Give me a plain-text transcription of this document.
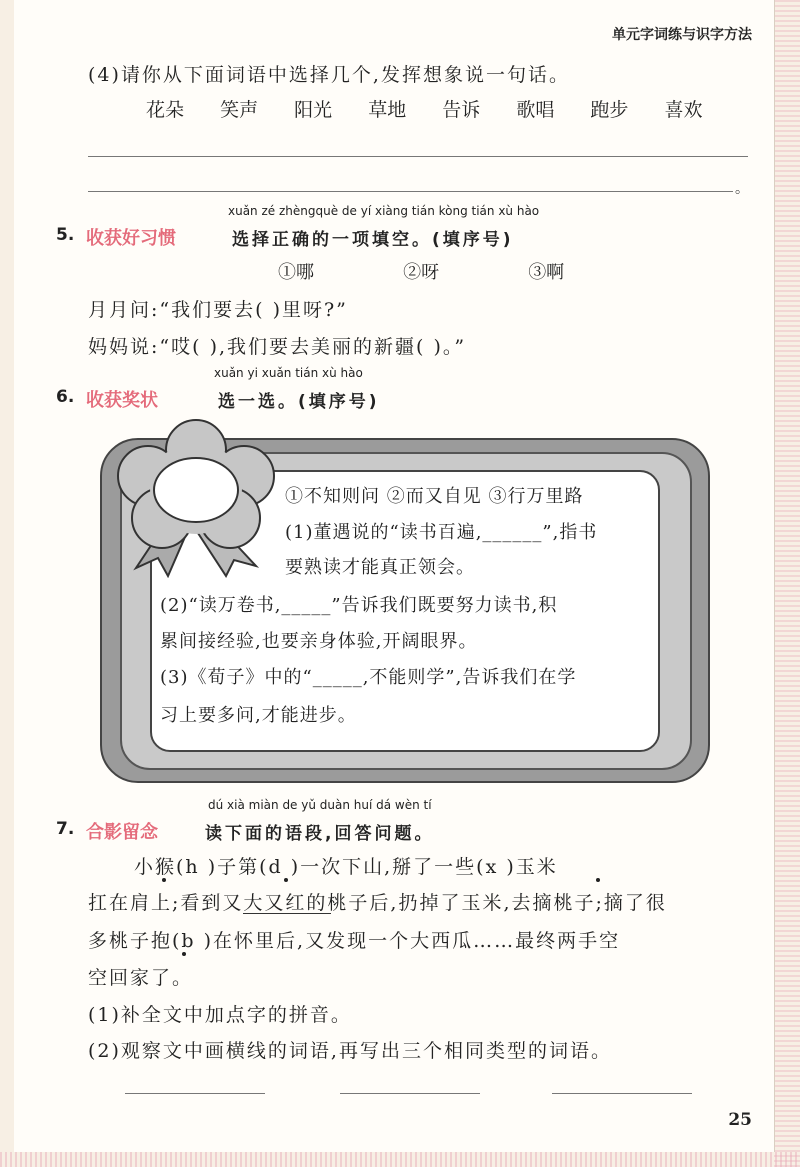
单元字词练与识字方法
(4)请你从下面词语中选择几个,发挥想象说一句话。
花朵 笑声 阳光 草地 告诉 歌唱 跑步 喜欢
。
xuǎn zé zhèngquè de yí xiàng tián kòng tián xù hào
5. 收获好习惯	选择正确的一项填空。(填序号)
①哪	②呀	③啊
月月问:“我们要去( )里呀?”
妈妈说:“哎( ),我们要去美丽的新疆( )。”
xuǎn yi xuǎn tián xù hào
6. 收获奖状	选一选。(填序号)
①不知则问 ②而又自见 ③行万里路
(1)董遇说的“读书百遍,______”,指书
要熟读才能真正领会。
(2)“读万卷书,_____”告诉我们既要努力读书,积
累间接经验,也要亲身体验,开阔眼界。
(3)《荀子》中的“_____,不能则学”,告诉我们在学
习上要多问,才能进步。
dú xià miàn de yǔ duàn huí dá wèn tí
7. 合影留念	读下面的语段,回答问题。
小猴(h )子第(d )一次下山,掰了一些(x )玉米
扛在肩上;看到又大又红的桃子后,扔掉了玉米,去摘桃子;摘了很
多桃子抱(b )在怀里后,又发现一个大西瓜……最终两手空
空回家了。
(1)补全文中加点字的拼音。
(2)观察文中画横线的词语,再写出三个相同类型的词语。
25
